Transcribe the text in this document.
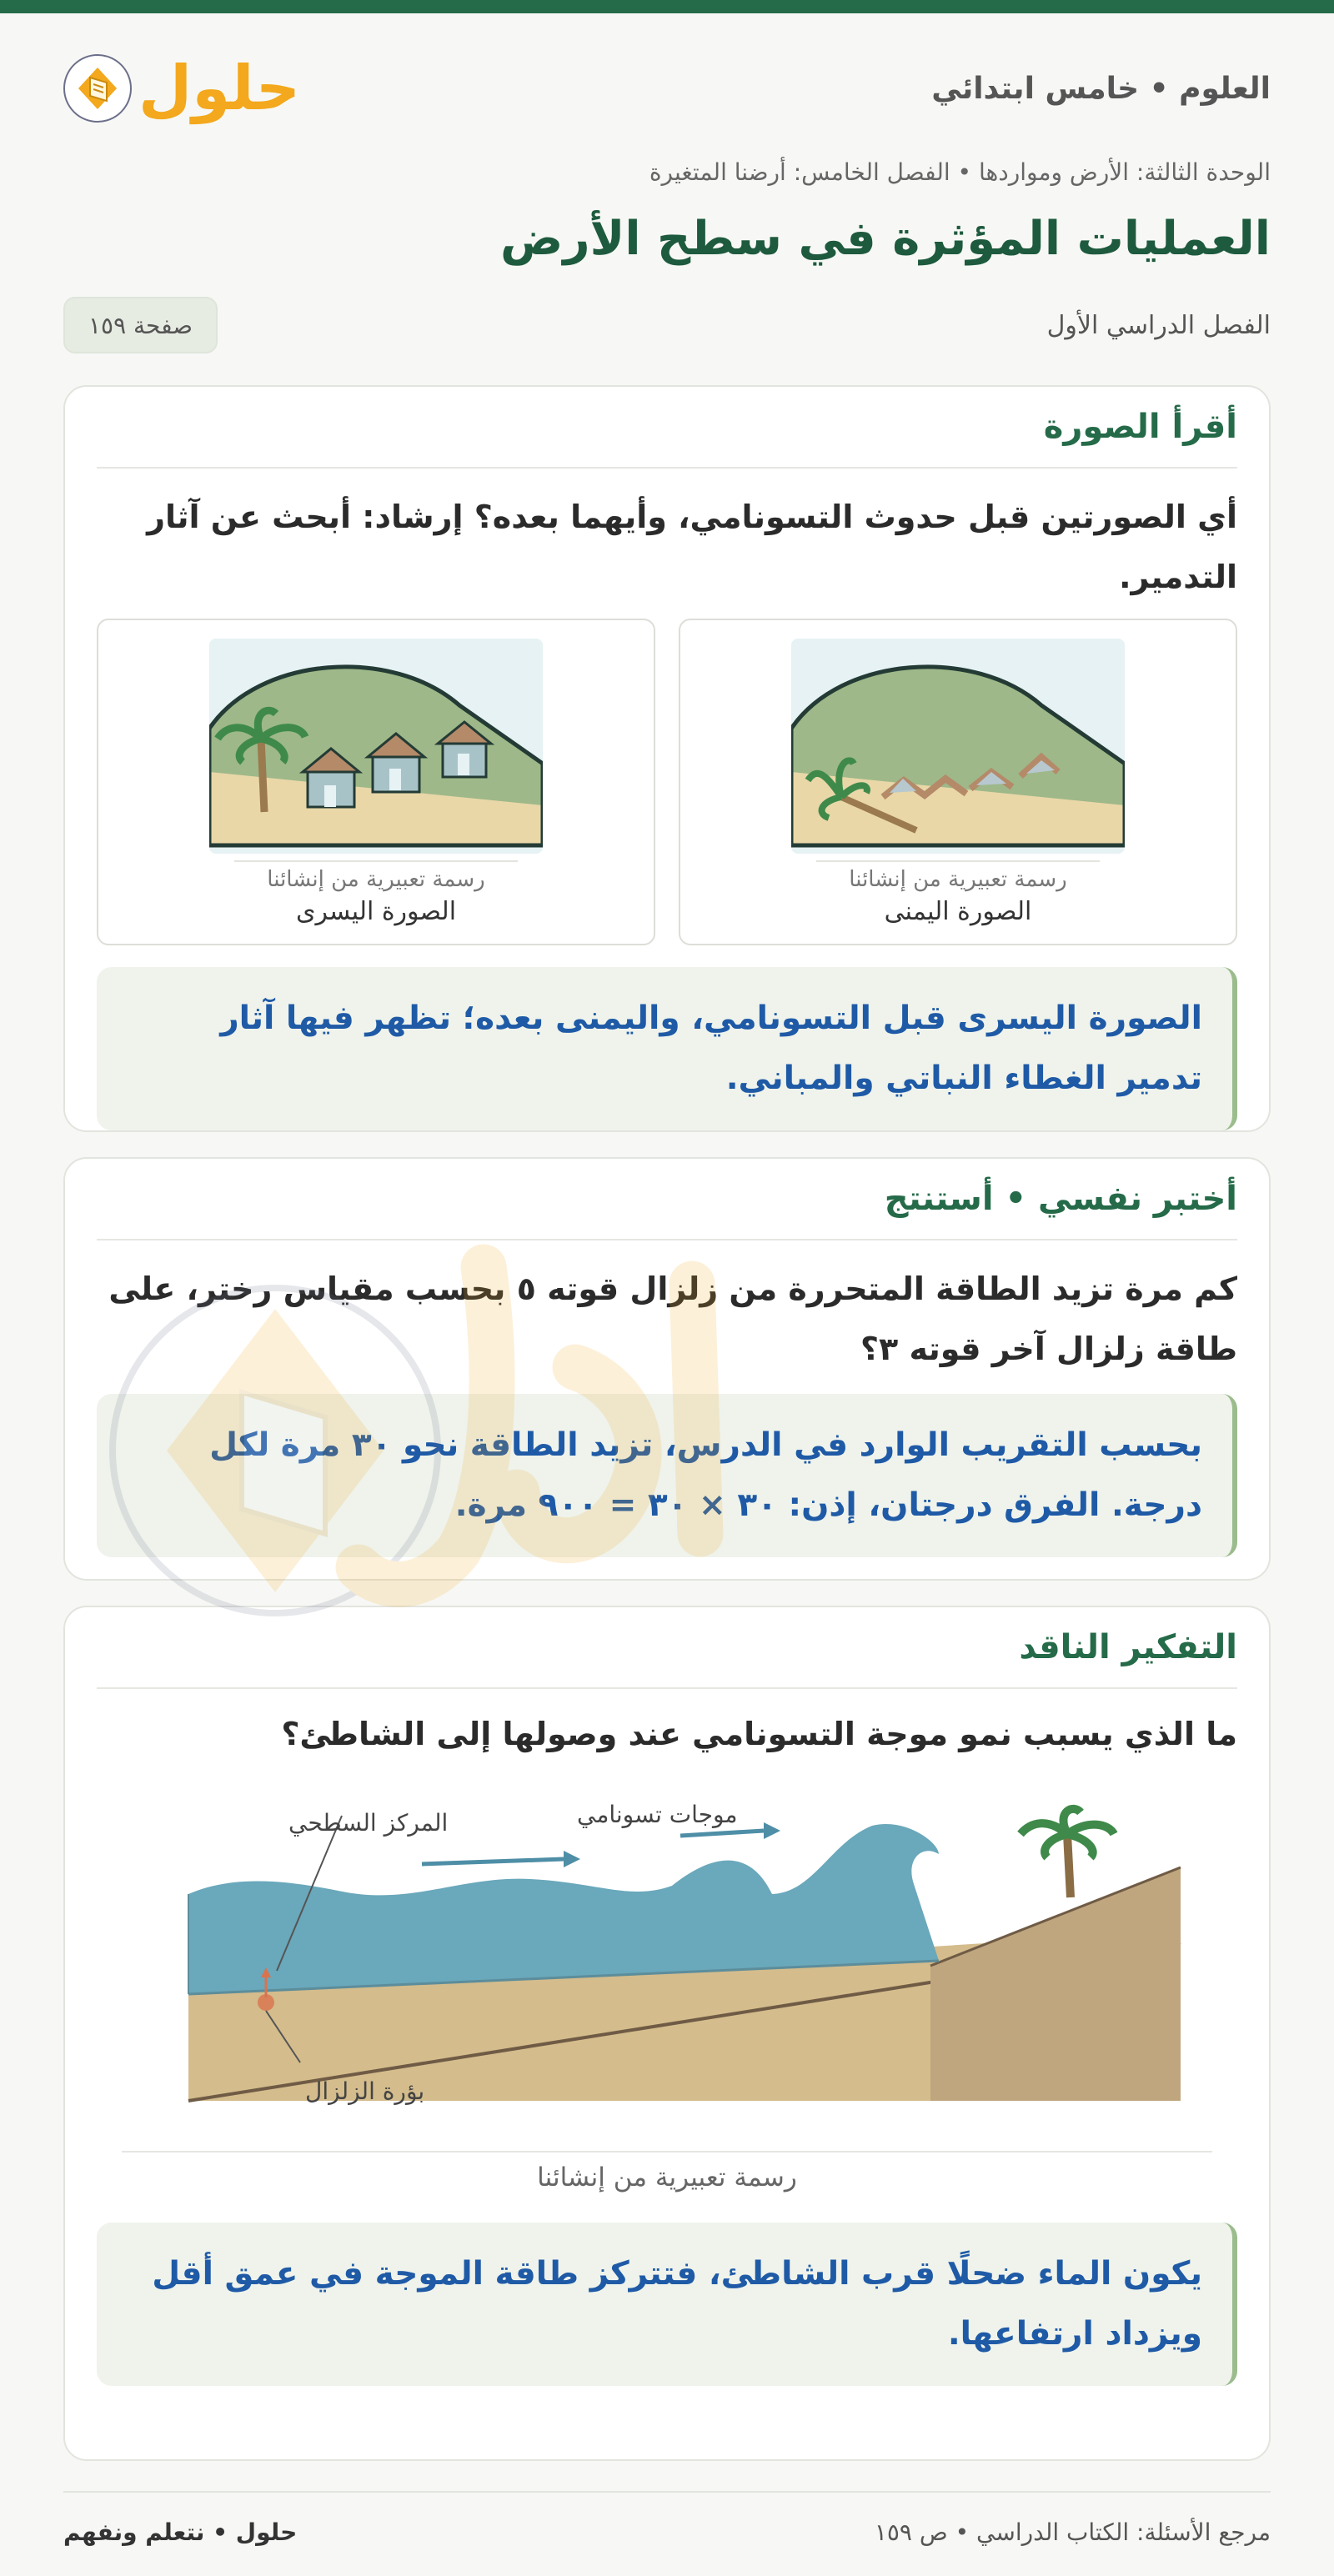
العلوم • خامس ابتدائي
حلول
الوحدة الثالثة: الأرض ومواردها • الفصل الخامس: أرضنا المتغيرة
العمليات المؤثرة في سطح الأرض
الفصل الدراسي الأول
صفحة ١٥٩
أقرأ الصورة
أي الصورتين قبل حدوث التسونامي، وأيهما بعده؟ إرشاد: أبحث عن آثار التدمير.
رسمة تعبيرية من إنشائنا
الصورة اليمنى
رسمة تعبيرية من إنشائنا
الصورة اليسرى
الصورة اليسرى قبل التسونامي، واليمنى بعده؛ تظهر فيها آثار تدمير الغطاء النباتي والمباني.
أختبر نفسي • أستنتج
كم مرة تزيد الطاقة المتحررة من زلزال قوته ٥ بحسب مقياس رختر، على طاقة زلزال آخر قوته ٣؟
بحسب التقريب الوارد في الدرس، تزيد الطاقة نحو ٣٠ مرة لكل درجة. الفرق درجتان، إذن: ٣٠ × ٣٠ = ٩٠٠ مرة.
التفكير الناقد
ما الذي يسبب نمو موجة التسونامي عند وصولها إلى الشاطئ؟
المركز السطحي	موجات تسونامي
بؤرة الزلزال
رسمة تعبيرية من إنشائنا
يكون الماء ضحلًا قرب الشاطئ، فتتركز طاقة الموجة في عمق أقل ويزداد ارتفاعها.
مرجع الأسئلة: الكتاب الدراسي • ص ١٥٩
حلول • نتعلم ونفهم
